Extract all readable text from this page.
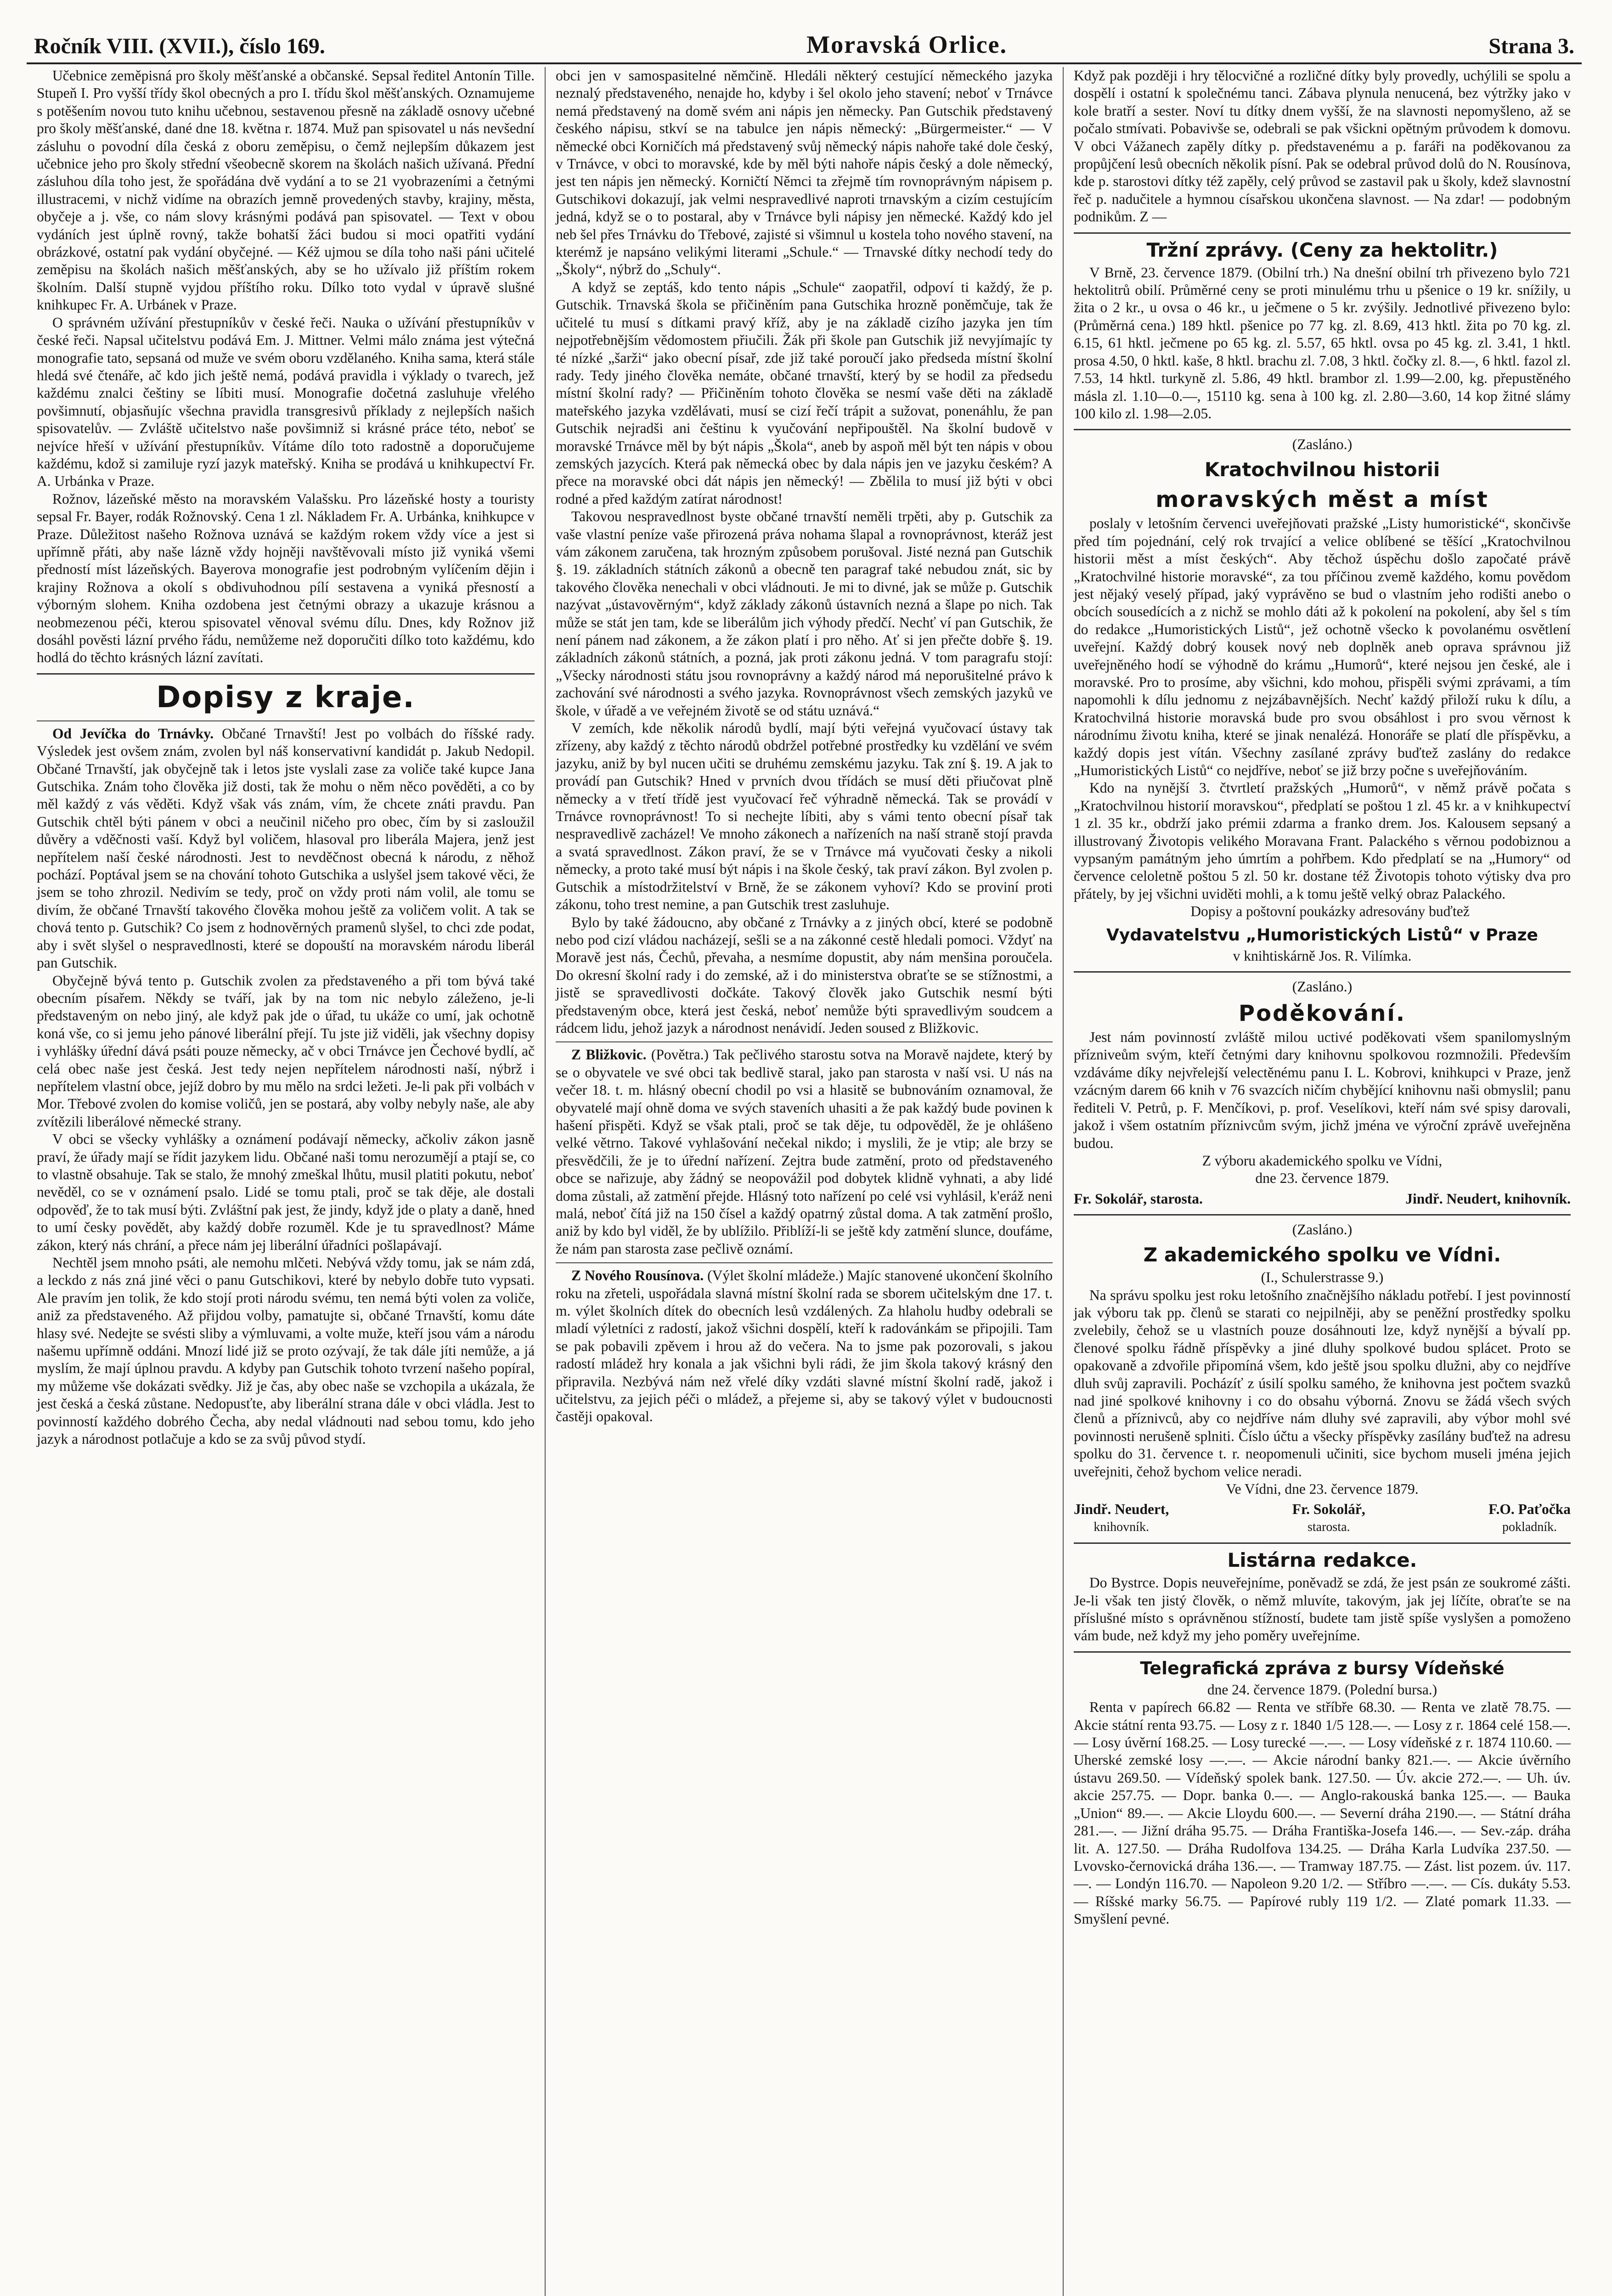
Ročník VIII. (XVII.), číslo 169.	Moravská Orlice.	Strana 3.

Učebnice zeměpisná pro školy měšťanské a občanské. Sepsal ředitel Antonín Tille. Stupeň I. Pro vyšší třídy škol obecných a pro I. třídu škol měšťanských. Oznamujeme s potěšením novou tuto knihu učebnou, sestavenou přesně na základě osnovy učebné pro školy měšťanské, dané dne 18. května r. 1874. Muž pan spisovatel u nás nevšední zásluhu o povodní díla česká z oboru zeměpisu, o čemž nejlepším důkazem jest učebnice jeho pro školy střední všeobecně skorem na školách našich užívaná. Přední zásluhou díla toho jest, že spořádána dvě vydání a to se 21 vyobrazeními a četnými illustracemi, v nichž vidíme na obrazích jemně provedených stavby, krajiny, města, obyčeje a j. vše, co nám slovy krásnými podává pan spisovatel. — Text v obou vydáních jest úplně rovný, takže bohatší žáci budou si moci opatřiti vydání obrázkové, ostatní pak vydání obyčejné. — Kéž ujmou se díla toho naši páni učitelé zeměpisu na školách našich měšťanských, aby se ho užívalo již příštím rokem školním. Další stupně vyjdou příštího roku. Dílko toto vydal v úpravě slušné knihkupec Fr. A. Urbánek v Praze.

O správném užívání přestupníkův v české řeči. Nauka o užívání přestupníkův v české řeči. Napsal učitelstvu podává Em. J. Mittner. Velmi málo známa jest výtečná monografie tato, sepsaná od muže ve svém oboru vzdělaného. Kniha sama, která stále hledá své čtenáře, ač kdo jich ještě nemá, podává pravidla i výklady o tvarech, jež každému znalci češtiny se líbiti musí. Monografie dočetná zasluhuje vřelého povšimnutí, objasňujíc všechna pravidla transgresivů příklady z nejlepších našich spisovatelův. — Zvláště učitelstvo naše povšimniž si krásné práce této, neboť se nejvíce hřeší v užívání přestupníkův. Vítáme dílo toto radostně a doporučujeme každému, kdož si zamiluje ryzí jazyk mateřský. Kniha se prodává u knihkupectví Fr. A. Urbánka v Praze.

Rožnov, lázeňské město na moravském Valašsku. Pro lázeňské hosty a touristy sepsal Fr. Bayer, rodák Rožnovský. Cena 1 zl. Nákladem Fr. A. Urbánka, knihkupce v Praze. Důležitost našeho Rožnova uznává se každým rokem vždy více a jest si upřímně přáti, aby naše lázně vždy hojněji navštěvovali místo již vyniká všemi předností míst lázeňských. Bayerova monografie jest podrobným vylíčením dějin i krajiny Rožnova a okolí s obdivuhodnou pílí sestavena a vyniká přesností a výborným slohem. Kniha ozdobena jest četnými obrazy a ukazuje krásnou a neobmezenou péči, kterou spisovatel věnoval svému dílu. Dnes, kdy Rožnov již dosáhl pověsti lázní prvého řádu, nemůžeme než doporučiti dílko toto každému, kdo hodlá do těchto krásných lázní zavítati.

Dopisy z kraje.

Od Jevíčka do Trnávky. Občané Trnavští! Jest po volbách do říšské rady. Výsledek jest ovšem znám, zvolen byl náš konservativní kandidát p. Jakub Nedopil. Občané Trnavští, jak obyčejně tak i letos jste vyslali zase za voliče také kupce Jana Gutschika. Znám toho člověka již dosti, tak že mohu o něm něco pověděti, a co by měl každý z vás věděti. Když však vás znám, vím, že chcete znáti pravdu. Pan Gutschik chtěl býti pánem v obci a neučinil ničeho pro obec, čím by si zasloužil důvěry a vděčnosti vaší. Když byl voličem, hlasoval pro liberála Majera, jenž jest nepřítelem naší české národnosti. Jest to nevděčnost obecná k národu, z něhož pochází. Poptával jsem se na chování tohoto Gutschika a uslyšel jsem takové věci, že jsem se toho zhrozil. Nedivím se tedy, proč on vždy proti nám volil, ale tomu se divím, že občané Trnavští takového člověka mohou ještě za voličem volit. A tak se chová tento p. Gutschik? Co jsem z hodnověrných pramenů slyšel, to chci zde podat, aby i svět slyšel o nespravedlnosti, které se dopouští na moravském národu liberál pan Gutschik.

Obyčejně bývá tento p. Gutschik zvolen za představeného a při tom bývá také obecním písařem. Někdy se tváří, jak by na tom nic nebylo záleženo, je-li představeným on nebo jiný, ale když pak jde o úřad, tu ukáže co umí, jak ochotně koná vše, co si jemu jeho pánové liberální přejí. Tu jste již viděli, jak všechny dopisy i vyhlášky úřední dává psáti pouze německy, ač v obci Trnávce jen Čechové bydlí, ač celá obec naše jest česká. Jest tedy nejen nepřítelem národnosti naší, nýbrž i nepřítelem vlastní obce, jejíž dobro by mu mělo na srdci ležeti. Je-li pak při volbách v Mor. Třebové zvolen do komise voličů, jen se postará, aby volby nebyly naše, ale aby zvítězili liberálové německé strany.

V obci se všecky vyhlášky a oznámení podávají německy, ačkoliv zákon jasně praví, že úřady mají se řídit jazykem lidu. Občané naši tomu nerozumějí a ptají se, co to vlastně obsahuje. Tak se stalo, že mnohý zmeškal lhůtu, musil platiti pokutu, neboť nevěděl, co se v oznámení psalo. Lidé se tomu ptali, proč se tak děje, ale dostali odpověď, že to tak musí býti. Zvláštní pak jest, že jindy, když jde o platy a daně, hned to umí česky povědět, aby každý dobře rozuměl. Kde je tu spravedlnost? Máme zákon, který nás chrání, a přece nám jej liberální úřadníci pošlapávají.

Nechtěl jsem mnoho psáti, ale nemohu mlčeti. Nebývá vždy tomu, jak se nám zdá, a leckdo z nás zná jiné věci o panu Gutschikovi, které by nebylo dobře tuto vypsati. Ale pravím jen tolik, že kdo stojí proti národu svému, ten nemá býti volen za voliče, aniž za představeného. Až přijdou volby, pamatujte si, občané Trnavští, komu dáte hlasy své. Nedejte se svésti sliby a výmluvami, a volte muže, kteří jsou vám a národu našemu upřímně oddáni. Mnozí lidé již se proto ozývají, že tak dále jíti nemůže, a já myslím, že mají úplnou pravdu. A kdyby pan Gutschik tohoto tvrzení našeho popíral, my můžeme vše dokázati svědky. Již je čas, aby obec naše se vzchopila a ukázala, že jest česká a česká zůstane. Nedopusťte, aby liberální strana dále v obci vládla. Jest to povinností každého dobrého Čecha, aby nedal vládnouti nad sebou tomu, kdo jeho jazyk a národnost potlačuje a kdo se za svůj původ stydí.

obci jen v samospasitelné němčině. Hledáli některý cestující německého jazyka neznalý představeného, nenajde ho, kdyby i šel okolo jeho stavení; neboť v Trnávce nemá představený na domě svém ani nápis jen německy. Pan Gutschik představený českého nápisu, stkví se na tabulce jen nápis německý: „Bürgermeister.“ — V německé obci Korničích má představený svůj německý nápis nahoře také dole český, v Trnávce, v obci to moravské, kde by měl býti nahoře nápis český a dole německý, jest ten nápis jen německý. Korničtí Němci ta zřejmě tím rovnoprávným nápisem p. Gutschikovi dokazují, jak velmi nespravedlivé naproti trnavským a cizím cestujícím jedná, když se o to postaral, aby v Trnávce byli nápisy jen německé. Každý kdo jel neb šel přes Trnávku do Třebové, zajisté si všimnul u kostela toho nového stavení, na kterémž je napsáno velikými literami „Schule.“ — Trnavské dítky nechodí tedy do „Školy“, nýbrž do „Schuly“.

A když se zeptáš, kdo tento nápis „Schule“ zaopatřil, odpoví ti každý, že p. Gutschik. Trnavská škola se přičiněním pana Gutschika hrozně poněmčuje, tak že učitelé tu musí s dítkami pravý kříž, aby je na základě cizího jazyka jen tím nejpotřebnějším vědomostem přiučili. Žák při škole pan Gutschik již nevyjímajíc ty té nízké „šarži“ jako obecní písař, zde již také poroučí jako předseda místní školní rady. Tedy jiného člověka nemáte, občané trnavští, který by se hodil za předsedu místní školní rady? — Přičiněním tohoto člověka se nesmí vaše děti na základě mateřského jazyka vzdělávati, musí se cizí řečí trápit a sužovat, ponenáhlu, že pan Gutschik nejradši ani češtinu k vyučování nepřipouštěl. Na školní budově v moravské Trnávce měl by být nápis „Škola“, aneb by aspoň měl být ten nápis v obou zemských jazycích. Která pak německá obec by dala nápis jen ve jazyku českém? A přece na moravské obci dát nápis jen německý! — Zbělila to musí již býti v obci rodné a před každým zatírat národnost!

Takovou nespravedlnost byste občané trnavští neměli trpěti, aby p. Gutschik za vaše vlastní peníze vaše přirozená práva nohama šlapal a rovnoprávnost, kteráž jest vám zákonem zaručena, tak hrozným způsobem porušoval. Jisté nezná pan Gutschik §. 19. základních státních zákonů a obecně ten paragraf také nebudou znát, sic by takového člověka nenechali v obci vládnouti. Je mi to divné, jak se může p. Gutschik nazývat „ústavověrným“, když základy zákonů ústavních nezná a šlape po nich. Tak může se stát jen tam, kde se liberálům jich výhody předčí. Nechť ví pan Gutschik, že není pánem nad zákonem, a že zákon platí i pro něho. Ať si jen přečte dobře §. 19. základních zákonů státních, a pozná, jak proti zákonu jedná. V tom paragrafu stojí: „Všecky národnosti státu jsou rovnoprávny a každý národ má neporušitelné právo k zachování své národnosti a svého jazyka. Rovnoprávnost všech zemských jazyků ve škole, v úřadě a ve veřejném životě se od státu uznává.“

V zemích, kde několik národů bydlí, mají býti veřejná vyučovací ústavy tak zřízeny, aby každý z těchto národů obdržel potřebné prostředky ku vzdělání ve svém jazyku, aniž by byl nucen učiti se druhému zemskému jazyku. Tak zní §. 19. A jak to provádí pan Gutschik? Hned v prvních dvou třídách se musí děti přiučovat plně německy a v třetí třídě jest vyučovací řeč výhradně německá. Tak se provádí v Trnávce rovnoprávnost! To si nechejte líbiti, aby s vámi tento obecní písař tak nespravedlivě zacházel! Ve mnoho zákonech a nařízeních na naší straně stojí pravda a svatá spravedlnost. Zákon praví, že se v Trnávce má vyučovati česky a nikoli německy, a proto také musí být nápis i na škole český, tak praví zákon. Byl zvolen p. Gutschik a místodržitelství v Brně, že se zákonem vyhoví? Kdo se proviní proti zákonu, toho trest nemine, a pan Gutschik trest zasluhuje.

Bylo by také žádoucno, aby občané z Trnávky a z jiných obcí, které se podobně nebo pod cizí vládou nacházejí, sešli se a na zákonné cestě hledali pomoci. Vždyť na Moravě jest nás, Čechů, převaha, a nesmíme dopustit, aby nám menšina poroučela. Do okresní školní rady i do zemské, až i do ministerstva obraťte se se stížnostmi, a jistě se spravedlivosti dočkáte. Takový člověk jako Gutschik nesmí býti představeným obce, která jest česká, neboť nemůže býti spravedlivým soudcem a rádcem lidu, jehož jazyk a národnost nenávidí. Jeden soused z Bližkovic.

Z Bližkovic. (Povětra.) Tak pečlivého starostu sotva na Moravě najdete, který by se o obyvatele ve své obci tak bedlivě staral, jako pan starosta v naší vsi. U nás na večer 18. t. m. hlásný obecní chodil po vsi a hlasitě se bubnováním oznamoval, že obyvatelé mají ohně doma ve svých staveních uhasiti a že pak každý bude povinen k hašení přispěti. Když se však ptali, proč se tak děje, tu odpověděl, že je ohlášeno velké větrno. Takové vyhlašování nečekal nikdo; i myslili, že je vtip; ale brzy se přesvědčili, že je to úřední nařízení. Zejtra bude zatmění, proto od představeného obce se nařizuje, aby žádný se neopovážil pod dobytek klidně vyhnati, a aby lidé doma zůstali, až zatmění přejde. Hlásný toto nařízení po celé vsi vyhlásil, k'eráž neni malá, neboť čítá již na 150 čísel a každý opatrný zůstal doma. A tak zatmění prošlo, aniž by kdo byl viděl, že by ublížilo. Přiblíží-li se ještě kdy zatmění slunce, doufáme, že nám pan starosta zase pečlivě oznámí.

Z Nového Rousínova. (Výlet školní mládeže.) Majíc stanovené ukončení školního roku na zřeteli, uspořádala slavná místní školní rada se sborem učitelským dne 17. t. m. výlet školních dítek do obecních lesů vzdálených. Za hlaholu hudby odebrali se mladí výletníci z radostí, jakož všichni dospělí, kteří k radovánkám se připojili. Tam se pak pobavili zpěvem i hrou až do večera. Na to jsme pak pozorovali, s jakou radostí mládež hry konala a jak všichni byli rádi, že jim škola takový krásný den připravila. Nezbývá nám než vřelé díky vzdáti slavné místní školní radě, jakož i učitelstvu, za jejich péči o mládež, a přejeme si, aby se takový výlet v budoucnosti častěji opakoval.

Když pak později i hry tělocvičné a rozličné dítky byly provedly, uchýlili se spolu a dospělí i ostatní k společnému tanci. Zábava plynula nenucená, bez výtržky jako v kole bratří a sester. Noví tu dítky dnem vyšší, že na slavnosti nepomyšleno, až se počalo stmívati. Pobavivše se, odebrali se pak všickni opětným průvodem k domovu. V obci Vážanech zapěly dítky p. představenému a p. faráři na poděkovanou za propůjčení lesů obecních několik písní. Pak se odebral průvod dolů do N. Rousínova, kde p. starostovi dítky též zapěly, celý průvod se zastavil pak u školy, kdež slavnostní řeč p. nadučitele a hymnou císařskou ukončena slavnost. — Na zdar! — podobným podnikům. Z —

Tržní zprávy. (Ceny za hektolitr.)

V Brně, 23. července 1879. (Obilní trh.) Na dnešní obilní trh přivezeno bylo 721 hektolitrů obilí. Průměrné ceny se proti minulému trhu u pšenice o 19 kr. snížily, u žita o 2 kr., u ovsa o 46 kr., u ječmene o 5 kr. zvýšily. Jednotlivé přivezeno bylo: (Průměrná cena.) 189 hktl. pšenice po 77 kg. zl. 8.69, 413 hktl. žita po 70 kg. zl. 6.15, 61 hktl. ječmene po 65 kg. zl. 5.57, 65 hktl. ovsa po 45 kg. zl. 3.41, 1 hktl. prosa 4.50, 0 hktl. kaše, 8 hktl. brachu zl. 7.08, 3 hktl. čočky zl. 8.—, 6 hktl. fazol zl. 7.53, 14 hktl. turkyně zl. 5.86, 49 hktl. brambor zl. 1.99—2.00, kg. přepustěného másla zl. 1.10—0.—, 15110 kg. sena à 100 kg. zl. 2.80—3.60, 14 kop žitné slámy 100 kilo zl. 1.98—2.05.

(Zasláno.)
Kratochvilnou historii
moravských měst a míst

poslaly v letošním červenci uveřejňovati pražské „Listy humoristické“, skončivše před tím pojednání, celý rok trvající a velice oblíbené se těšící „Kratochvilnou historii měst a míst českých“. Aby těchož úspěchu došlo započaté právě „Kratochvilné historie moravské“, za tou příčinou zvemě každého, komu povědom jest nějaký veselý případ, jaký vyprávěno se bud o vlastním jeho rodišti anebo o obcích sousedících a z nichž se mohlo dáti až k pokolení na pokolení, aby šel s tím do redakce „Humoristických Listů“, jež ochotně všecko k povolanému osvětlení uveřejní. Každý dobrý kousek nový neb doplněk aneb oprava správnou již uveřejněného hodí se výhodně do krámu „Humorů“, které nejsou jen české, ale i moravské. Pro to prosíme, aby všichni, kdo mohou, přispěli svými zprávami, a tím napomohli k dílu jednomu z nejzábavnějších. Nechť každý přiloží ruku k dílu, a Kratochvilná historie moravská bude pro svou obsáhlost i pro svou věrnost k národnímu životu kniha, které se jinak nenalézá. Honoráře se platí dle příspěvku, a každý dopis jest vítán. Všechny zasílané zprávy buďtež zaslány do redakce „Humoristických Listů“ co nejdříve, neboť se již brzy počne s uveřejňováním.

Kdo na nynější 3. čtvrtletí pražských „Humorů“, v němž právě počata s „Kratochvilnou historií moravskou“, předplatí se poštou 1 zl. 45 kr. a v knihkupectví 1 zl. 35 kr., obdrží jako prémii zdarma a franko drem. Jos. Kalousem sepsaný a illustrovaný Životopis velikého Moravana Frant. Palackého s věrnou podobiznou a vypsaným památným jeho úmrtím a pohřbem. Kdo předplatí se na „Humory“ od července celoletně poštou 5 zl. 50 kr. dostane též Životopis tohoto výtisky dva pro přátely, by jej všichni uviděti mohli, a k tomu ještě velký obraz Palackého.

Dopisy a poštovní poukázky adresovány buďtež

Vydavatelstvu „Humoristických Listů“ v Praze
v knihtiskárně Jos. R. Vilímka.
(Zasláno.)
Poděkování.

Jest nám povinností zvláště milou uctivé poděkovati všem spanilomyslným přízniveům svým, kteří četnými dary knihovnu spolkovou rozmnožili. Především vzdáváme díky nejvřelejší velectěnému panu I. L. Kobrovi, knihkupci v Praze, jenž vzácným darem 66 knih v 76 svazcích ničím chybějící knihovnu naši obmyslil; panu řediteli V. Petrů, p. F. Menčíkovi, p. prof. Veselíkovi, kteří nám své spisy darovali, jakož i všem ostatním příznivcům svým, jichž jména ve výroční zprávě uveřejněna budou.

Z výboru akademického spolku ve Vídni,
dne 23. července 1879.
Fr. Sokolář, starosta.	Jindř. Neudert, knihovník.
(Zasláno.)
Z akademického spolku ve Vídni.
(I., Schulerstrasse 9.)

Na správu spolku jest roku letošního značnějšího nákladu potřebí. I jest povinností jak výboru tak pp. členů se starati co nejpilněji, aby se peněžní prostředky spolku zvelebily, čehož se u vlastních pouze dosáhnouti lze, když nynější a bývalí pp. členové spolku řádně příspěvky a jiné dluhy spolkové budou splácet. Proto se opakovaně a zdvořile připomíná všem, kdo ještě jsou spolku dlužni, aby co nejdříve dluh svůj zapravili. Pocházíť z úsilí spolku samého, že knihovna jest počtem svazků nad jiné spolkové knihovny i co do obsahu výborná. Znovu se žádá všech svých členů a příznivců, aby co nejdříve nám dluhy své zapravili, aby výbor mohl své povinnosti nerušeně splniti. Číslo účtu a všecky příspěvky zasílány buďtež na adresu spolku do 31. července t. r. neopomenuli učiniti, sice bychom museli jména jejich uveřejniti, čehož bychom velice neradi.

Ve Vídni, dne 23. července 1879.
Jindř. Neudert,
knihovník.
Fr. Sokolář,
starosta.
F.O. Paťočka
pokladník.
Listárna redakce.

Do Bystrce. Dopis neuveřejníme, poněvadž se zdá, že jest psán ze soukromé zášti. Je-li však ten jistý člověk, o němž mluvíte, takovým, jak jej líčíte, obraťte se na příslušné místo s oprávněnou stížností, budete tam jistě spíše vyslyšen a pomoženo vám bude, než když my jeho poměry uveřejníme.

Telegrafická zpráva z bursy Vídeňské
dne 24. července 1879. (Polední bursa.)

Renta v papírech 66.82 — Renta ve stříbře 68.30. — Renta ve zlatě 78.75. — Akcie státní renta 93.75. — Losy z r. 1840 1/5 128.—. — Losy z r. 1864 celé 158.—. — Losy úvěrní 168.25. — Losy turecké —.—. — Losy vídeňské z r. 1874 110.60. — Uherské zemské losy —.—. — Akcie národní banky 821.—. — Akcie úvěrního ústavu 269.50. — Vídeňský spolek bank. 127.50. — Úv. akcie 272.—. — Uh. úv. akcie 257.75. — Dopr. banka 0.—. — Anglo-rakouská banka 125.—. — Bauka „Union“ 89.—. — Akcie Lloydu 600.—. — Severní dráha 2190.—. — Státní dráha 281.—. — Jižní dráha 95.75. — Dráha Františka-Josefa 146.—. — Sev.-záp. dráha lit. A. 127.50. — Dráha Rudolfova 134.25. — Dráha Karla Ludvíka 237.50. — Lvovsko-černovická dráha 136.—. — Tramway 187.75. — Zást. list pozem. úv. 117.—. — Londýn 116.70. — Napoleon 9.20 1/2. — Stříbro —.—. — Cís. dukáty 5.53. — Ríšské marky 56.75. — Papírové rubly 119 1/2. — Zlaté pomark 11.33. — Smyšlení pevné.
